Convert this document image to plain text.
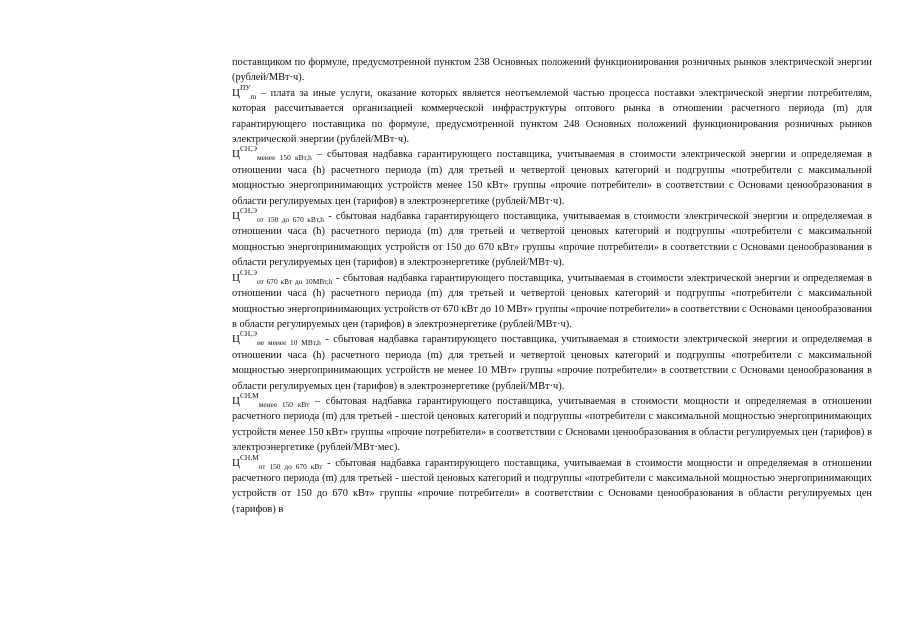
поставщиком по формуле, предусмотренной пунктом 238 Основных положений функционирования розничных рынков электрической энергии (рублей/МВт·ч).

$Ц^{ПУ}_m$ – плата за иные услуги, оказание которых является неотъемлемой частью процесса поставки электрической энергии потребителям, которая рассчитывается организацией коммерческой инфраструктуры оптового рынка в отношении расчетного периода (m) для гарантирующего поставщика по формуле, предусмотренной пунктом 248 Основных положений функционирования розничных рынков электрической энергии (рублей/МВт·ч).

$Ц^{СН,Э}_{менее 150 кВт,h}$ – сбытовая надбавка гарантирующего поставщика, учитываемая в стоимости электрической энергии и определяемая в отношении часа (h) расчетного периода (m) для третьей и четвертой ценовых категорий и подгруппы «потребители с максимальной мощностью энергопринимающих устройств менее 150 кВт» группы «прочие потребители» в соответствии с Основами ценообразования в области регулируемых цен (тарифов) в электроэнергетике (рублей/МВт·ч).

$Ц^{СН,Э}_{от 150 до 670 кВт,h}$ - сбытовая надбавка гарантирующего поставщика, учитываемая в стоимости электрической энергии и определяемая в отношении часа (h) расчетного периода (m) для третьей и четвертой ценовых категорий и подгруппы «потребители с максимальной мощностью энергопринимающих устройств от 150 до 670 кВт» группы «прочие потребители» в соответствии с Основами ценообразования в области регулируемых цен (тарифов) в электроэнергетике (рублей/МВт·ч).

$Ц^{СН,Э}_{от 670 кВт до 10МВт,h}$ - сбытовая надбавка гарантирующего поставщика, учитываемая в стоимости электрической энергии и определяемая в отношении часа (h) расчетного периода (m) для третьей и четвертой ценовых категорий и подгруппы «потребители с максимальной мощностью энергопринимающих устройств от 670 кВт до 10 МВт» группы «прочие потребители» в соответствии с Основами ценообразования в области регулируемых цен (тарифов) в электроэнергетике (рублей/МВт·ч).

$Ц^{СН,Э}_{не менее 10 МВт,h}$ - сбытовая надбавка гарантирующего поставщика, учитываемая в стоимости электрической энергии и определяемая в отношении часа (h) расчетного периода (m) для третьей и четвертой ценовых категорий и подгруппы «потребители с максимальной мощностью энергопринимающих устройств не менее 10 МВт» группы «прочие потребители» в соответствии с Основами ценообразования в области регулируемых цен (тарифов) в электроэнергетике (рублей/МВт·ч).

$Ц^{СН,М}_{менее 150 кВт}$ – сбытовая надбавка гарантирующего поставщика, учитываемая в стоимости мощности и определяемая в отношении расчетного периода (m) для третьей - шестой ценовых категорий и подгруппы «потребители с максимальной мощностью энергопринимающих устройств менее 150 кВт» группы «прочие потребители» в соответствии с Основами ценообразования в области регулируемых цен (тарифов) в электроэнергетике (рублей/МВт·мес).

$Ц^{СН,М}_{от 150 до 670 кВт}$ - сбытовая надбавка гарантирующего поставщика, учитываемая в стоимости мощности и определяемая в отношении расчетного периода (m) для третьей - шестой ценовых категорий и подгруппы «потребители с максимальной мощностью энергопринимающих устройств от 150 до 670 кВт» группы «прочие потребители» в соответствии с Основами ценообразования в области регулируемых цен (тарифов) в
